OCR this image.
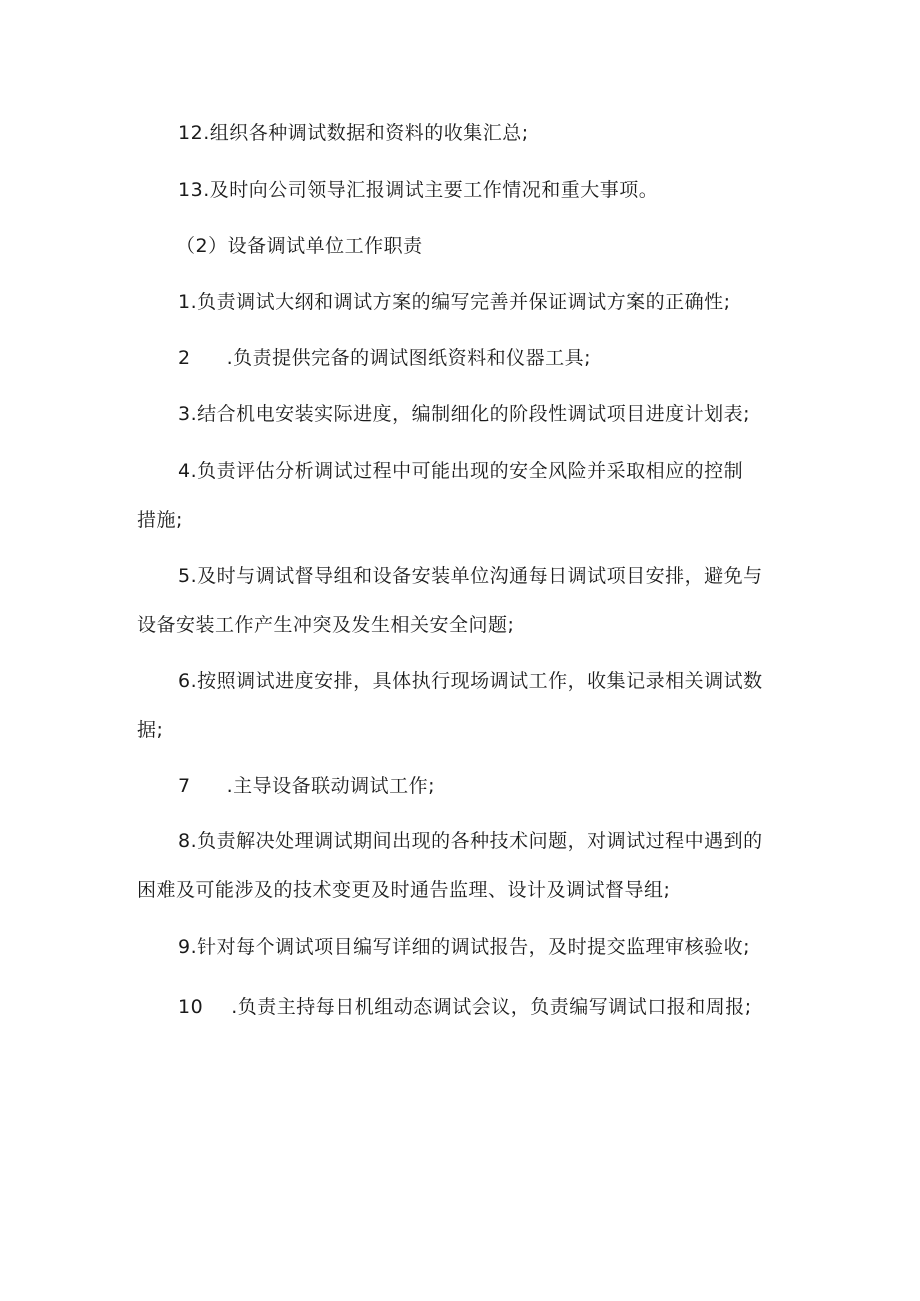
12.组织各种调试数据和资料的收集汇总;
13.及时向公司领导汇报调试主要工作情况和重大事项。
（2）设备调试单位工作职责
1.负责调试大纲和调试方案的编写完善并保证调试方案的正确性;
2 .负责提供完备的调试图纸资料和仪器工具;
3.结合机电安装实际进度，编制细化的阶段性调试项目进度计划表;
4.负责评估分析调试过程中可能出现的安全风险并采取相应的控制
措施;
5.及时与调试督导组和设备安装单位沟通每日调试项目安排，避免与
设备安装工作产生冲突及发生相关安全问题;
6.按照调试进度安排，具体执行现场调试工作，收集记录相关调试数
据;
7 .主导设备联动调试工作;
8.负责解决处理调试期间出现的各种技术问题，对调试过程中遇到的
困难及可能涉及的技术变更及时通告监理、设计及调试督导组;
9.针对每个调试项目编写详细的调试报告，及时提交监理审核验收;
10 .负责主持每日机组动态调试会议，负责编写调试口报和周报;
